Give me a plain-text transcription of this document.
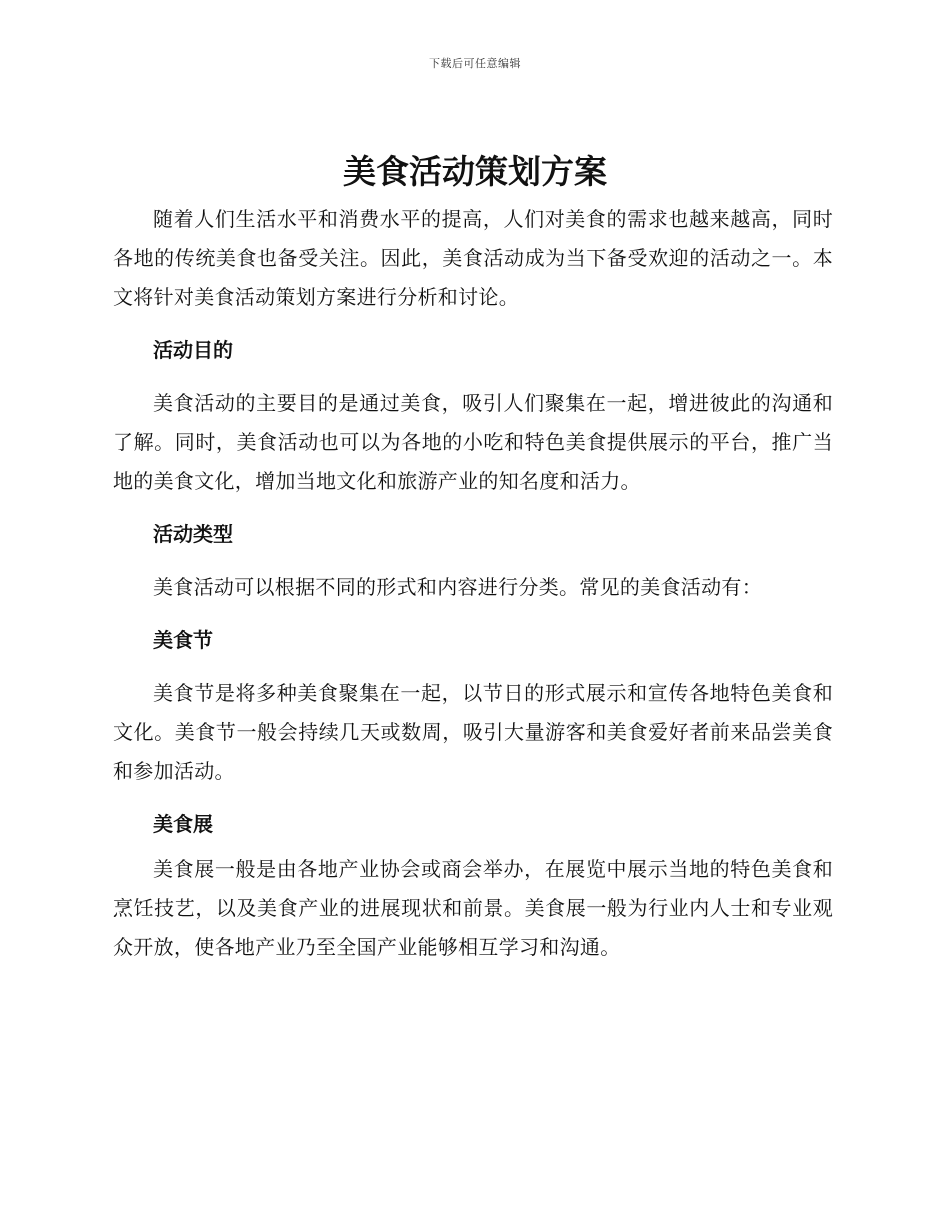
下载后可任意编辑
美食活动策划方案

随着人们生活水平和消费水平的提高，人们对美食的需求也越来越高，同时各地的传统美食也备受关注。因此，美食活动成为当下备受欢迎的活动之一。本文将针对美食活动策划方案进行分析和讨论。

活动目的

美食活动的主要目的是通过美食，吸引人们聚集在一起，增进彼此的沟通和了解。同时，美食活动也可以为各地的小吃和特色美食提供展示的平台，推广当地的美食文化，增加当地文化和旅游产业的知名度和活力。

活动类型

美食活动可以根据不同的形式和内容进行分类。常见的美食活动有：

美食节

美食节是将多种美食聚集在一起，以节日的形式展示和宣传各地特色美食和文化。美食节一般会持续几天或数周，吸引大量游客和美食爱好者前来品尝美食和参加活动。

美食展

美食展一般是由各地产业协会或商会举办，在展览中展示当地的特色美食和烹饪技艺，以及美食产业的进展现状和前景。美食展一般为行业内人士和专业观众开放，使各地产业乃至全国产业能够相互学习和沟通。
